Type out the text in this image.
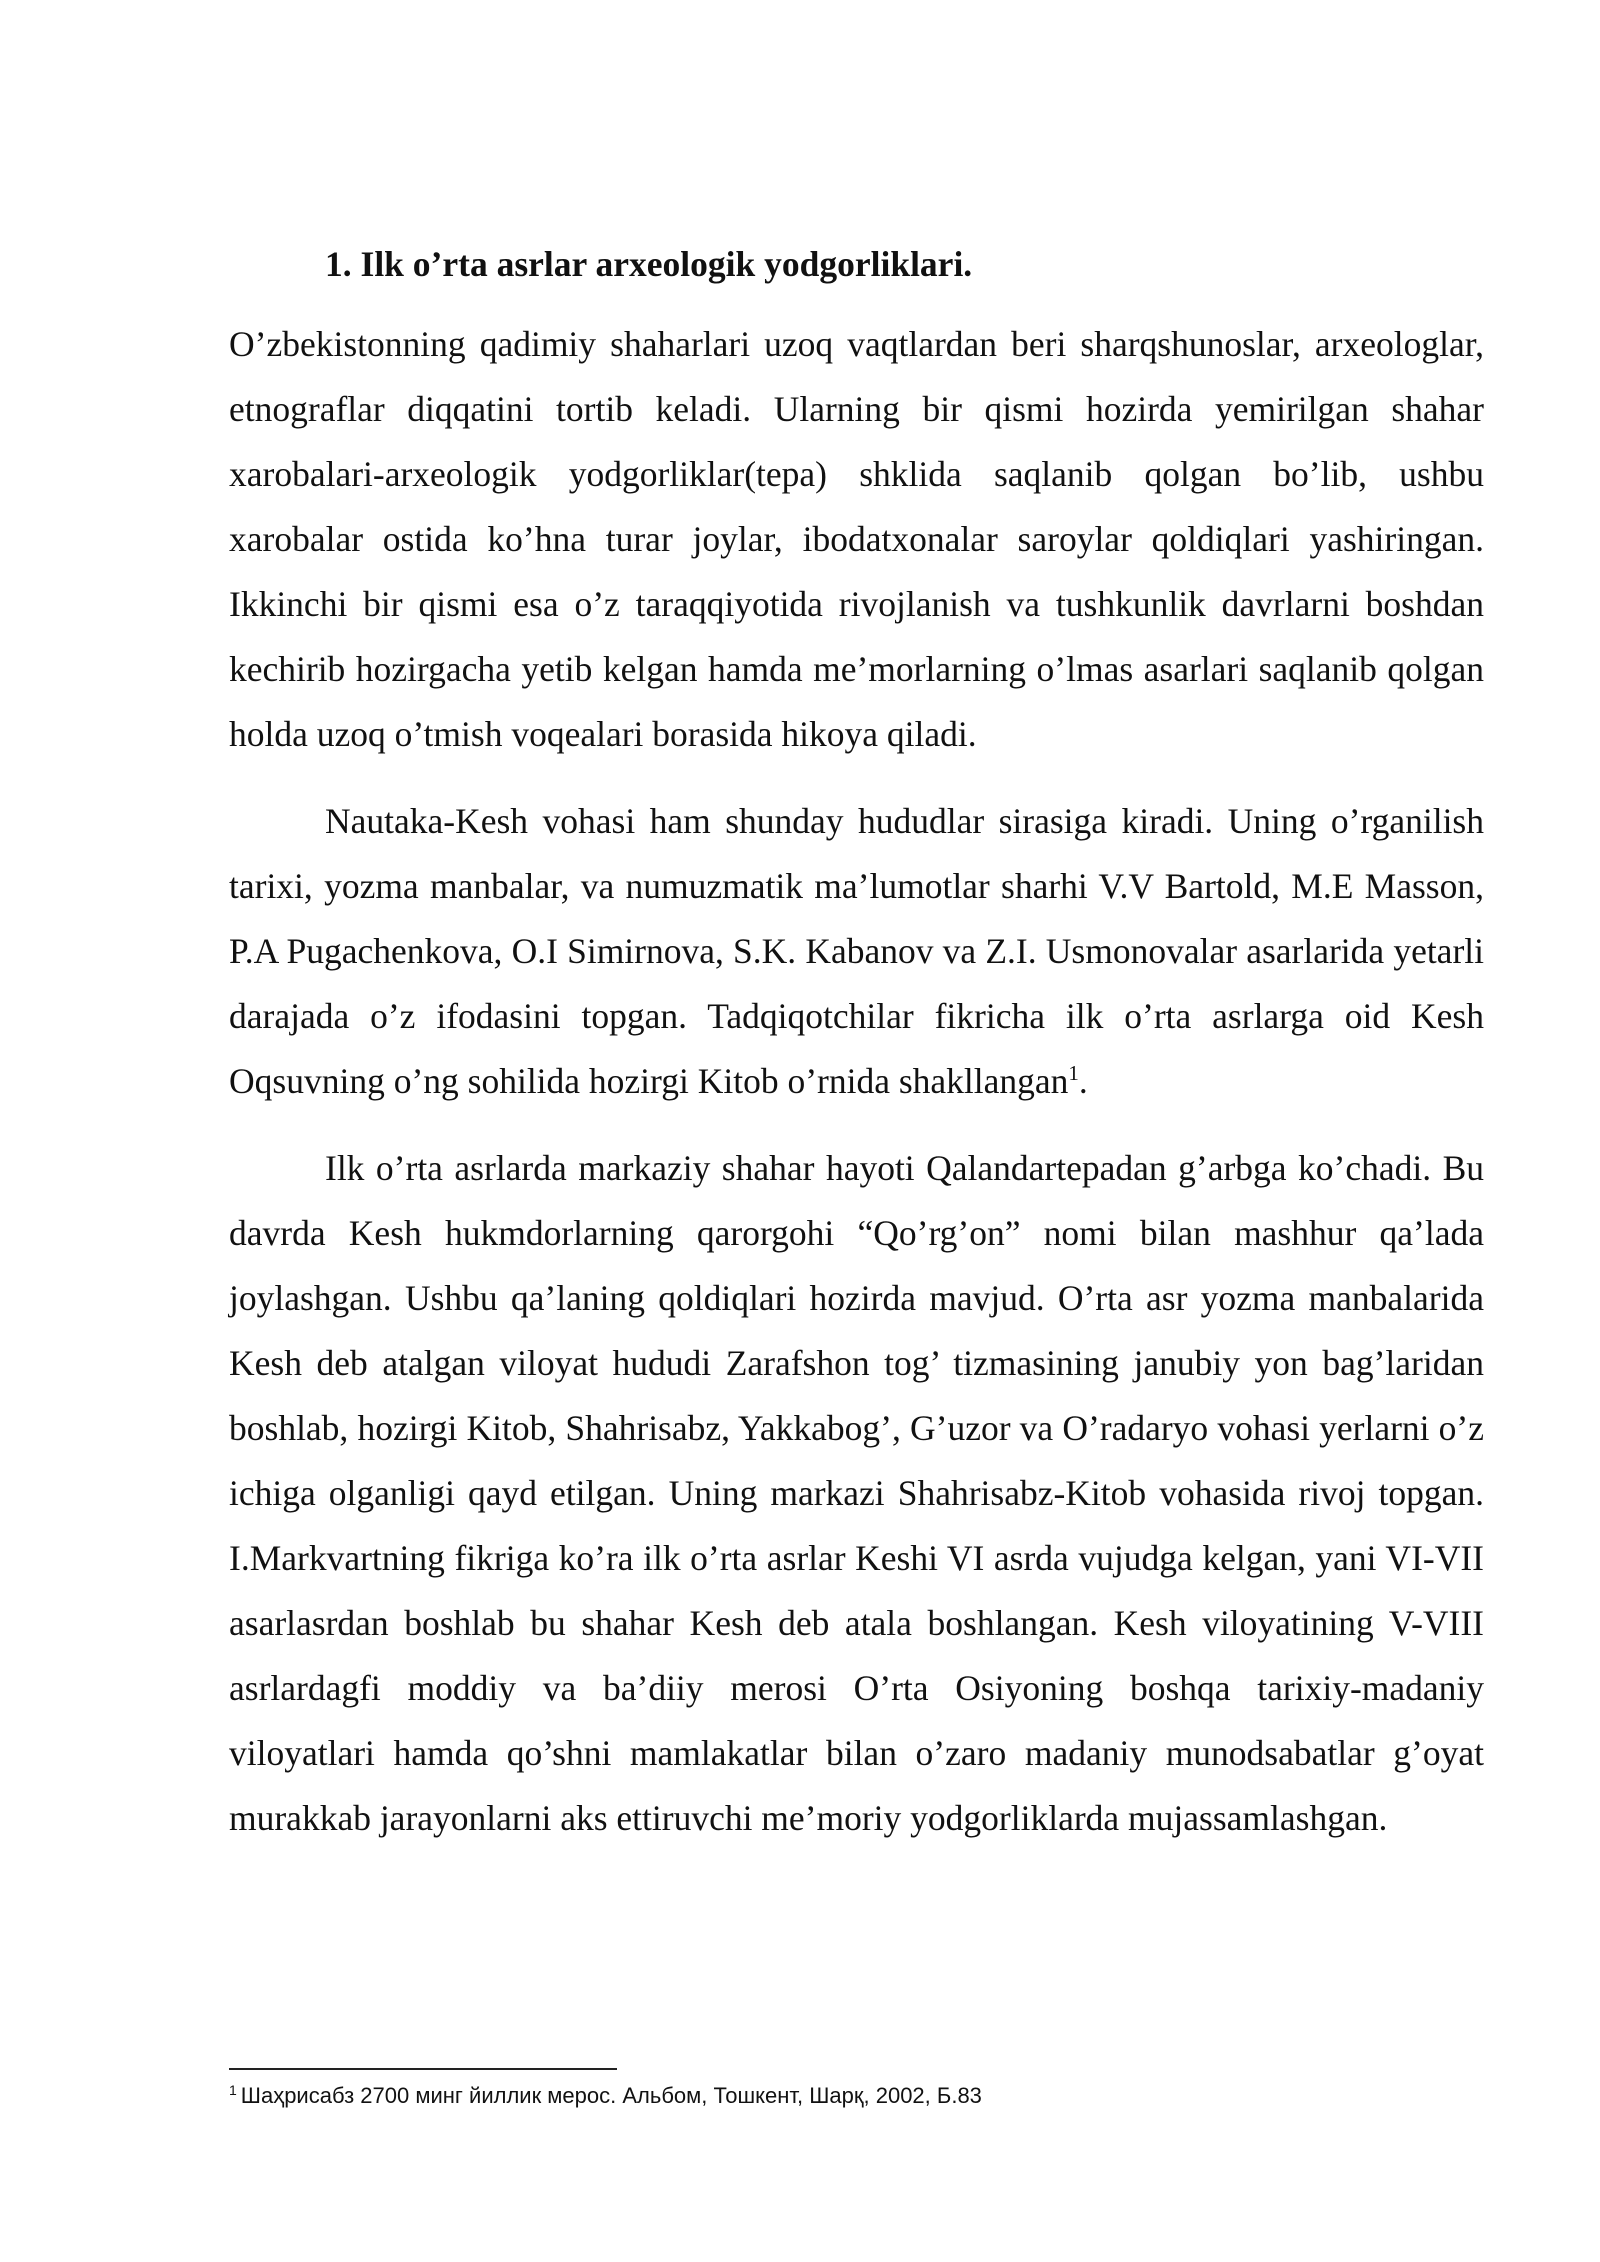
1. Ilk o’rta asrlar arxeologik yodgorliklari.

O’zbekistonning qadimiy shaharlari uzoq vaqtlardan beri sharqshunoslar, arxeologlar, etnograflar diqqatini tortib keladi. Ularning bir qismi hozirda yemirilgan shahar xarobalari-arxeologik yodgorliklar(tepa) shklida saqlanib qolgan bo’lib, ushbu xarobalar ostida ko’hna turar joylar, ibodatxonalar saroylar qoldiqlari yashiringan. Ikkinchi bir qismi esa o’z taraqqiyotida rivojlanish va tushkunlik davrlarni boshdan kechirib hozirgacha yetib kelgan hamda me’morlarning o’lmas asarlari saqlanib qolgan holda uzoq o’tmish voqealari borasida hikoya qiladi.

Nautaka-Kesh vohasi ham shunday hududlar sirasiga kiradi. Uning o’rganilish tarixi, yozma manbalar, va numuzmatik ma’lumotlar sharhi V.V Bartold, M.E Masson, P.A Pugachenkova, O.I Simirnova, S.K. Kabanov va Z.I. Usmonovalar asarlarida yetarli darajada o’z ifodasini topgan. Tadqiqotchilar fikricha ilk o’rta asrlarga oid Kesh Oqsuvning o’ng sohilida hozirgi Kitob o’rnida shakllangan$^1$.

Ilk o’rta asrlarda markaziy shahar hayoti Qalandartepadan g’arbga ko’chadi. Bu davrda Kesh hukmdorlarning qarorgohi “Qo’rg’on” nomi bilan mashhur qa’lada joylashgan. Ushbu qa’laning qoldiqlari hozirda mavjud. O’rta asr yozma manbalarida Kesh deb atalgan viloyat hududi Zarafshon tog’ tizmasining janubiy yon bag’laridan boshlab, hozirgi Kitob, Shahrisabz, Yakkabog’, G’uzor va O’radaryo vohasi yerlarni o’z ichiga olganligi qayd etilgan. Uning markazi Shahrisabz-Kitob vohasida rivoj topgan. I.Markvartning fikriga ko’ra ilk o’rta asrlar Keshi VI asrda vujudga kelgan, yani VI-VII asarlasrdan boshlab bu shahar Kesh deb atala boshlangan. Kesh viloyatining V-VIII asrlardagfi moddiy va ba’diiy merosi O’rta Osiyoning boshqa tarixiy-madaniy viloyatlari hamda qo’shni mamlakatlar bilan o’zaro madaniy munodsabatlar g’oyat murakkab jarayonlarni aks ettiruvchi me’moriy yodgorliklarda mujassamlashgan.

$^1$ Шаҳрисабз 2700 минг йиллик мерос. Альбом, Тошкент, Шарқ, 2002, Б.83
